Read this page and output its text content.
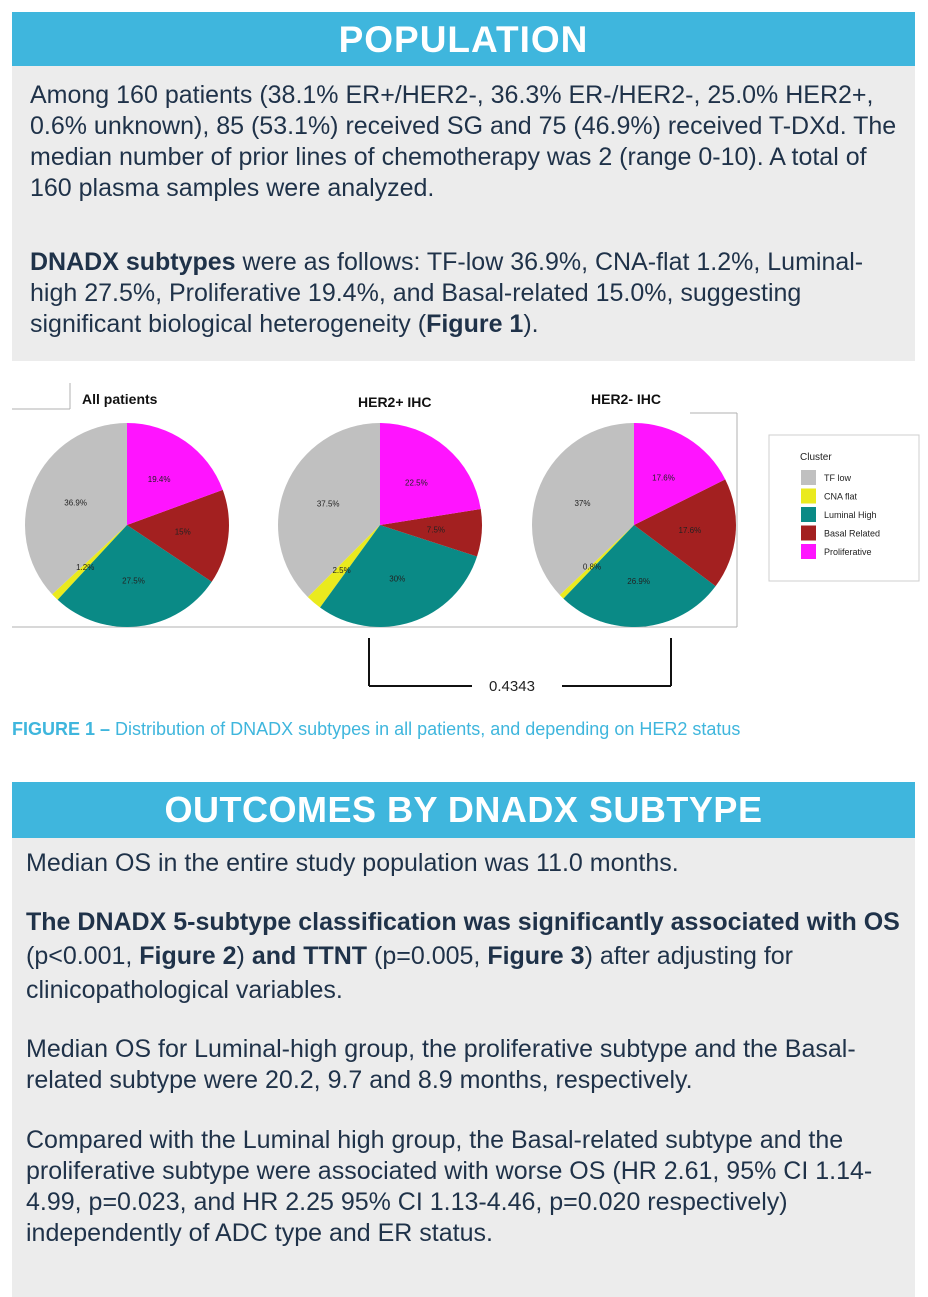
POPULATION

Among 160 patients (38.1% ER+/HER2-, 36.3% ER-/HER2-, 25.0% HER2+, 0.6% unknown), 85 (53.1%) received SG and 75 (46.9%) received T-DXd. The median number of prior lines of chemotherapy was 2 (range 0-10). A total of 160 plasma samples were analyzed.

DNADX subtypes were as follows: TF-low 36.9%, CNA-flat 1.2%, Luminal-high 27.5%, Proliferative 19.4%, and Basal-related 15.0%, suggesting significant biological heterogeneity (Figure 1).

All patients
19.4%
15%
27.5%
1.2%
36.9%
HER2+ IHC
22.5%
7.5%
30%
2.5%
37.5%
HER2- IHC
17.6%
17.6%
26.9%
0.8%
37%
Cluster
TF low
CNA flat
Luminal High
Basal Related
Proliferative
0.4343
FIGURE 1 – Distribution of DNADX subtypes in all patients, and depending on HER2 status
OUTCOMES BY DNADX SUBTYPE

Median OS in the entire study population was 11.0 months.

The DNADX 5-subtype classification was significantly associated with OS (p<0.001, Figure 2) and TTNT (p=0.005, Figure 3) after adjusting for clinicopathological variables.

Median OS for Luminal-high group, the proliferative subtype and the Basal-related subtype were 20.2, 9.7 and 8.9 months, respectively.

Compared with the Luminal high group, the Basal-related subtype and the proliferative subtype were associated with worse OS (HR 2.61, 95% CI 1.14-4.99, p=0.023, and HR 2.25 95% CI 1.13-4.46, p=0.020 respectively) independently of ADC type and ER status.
